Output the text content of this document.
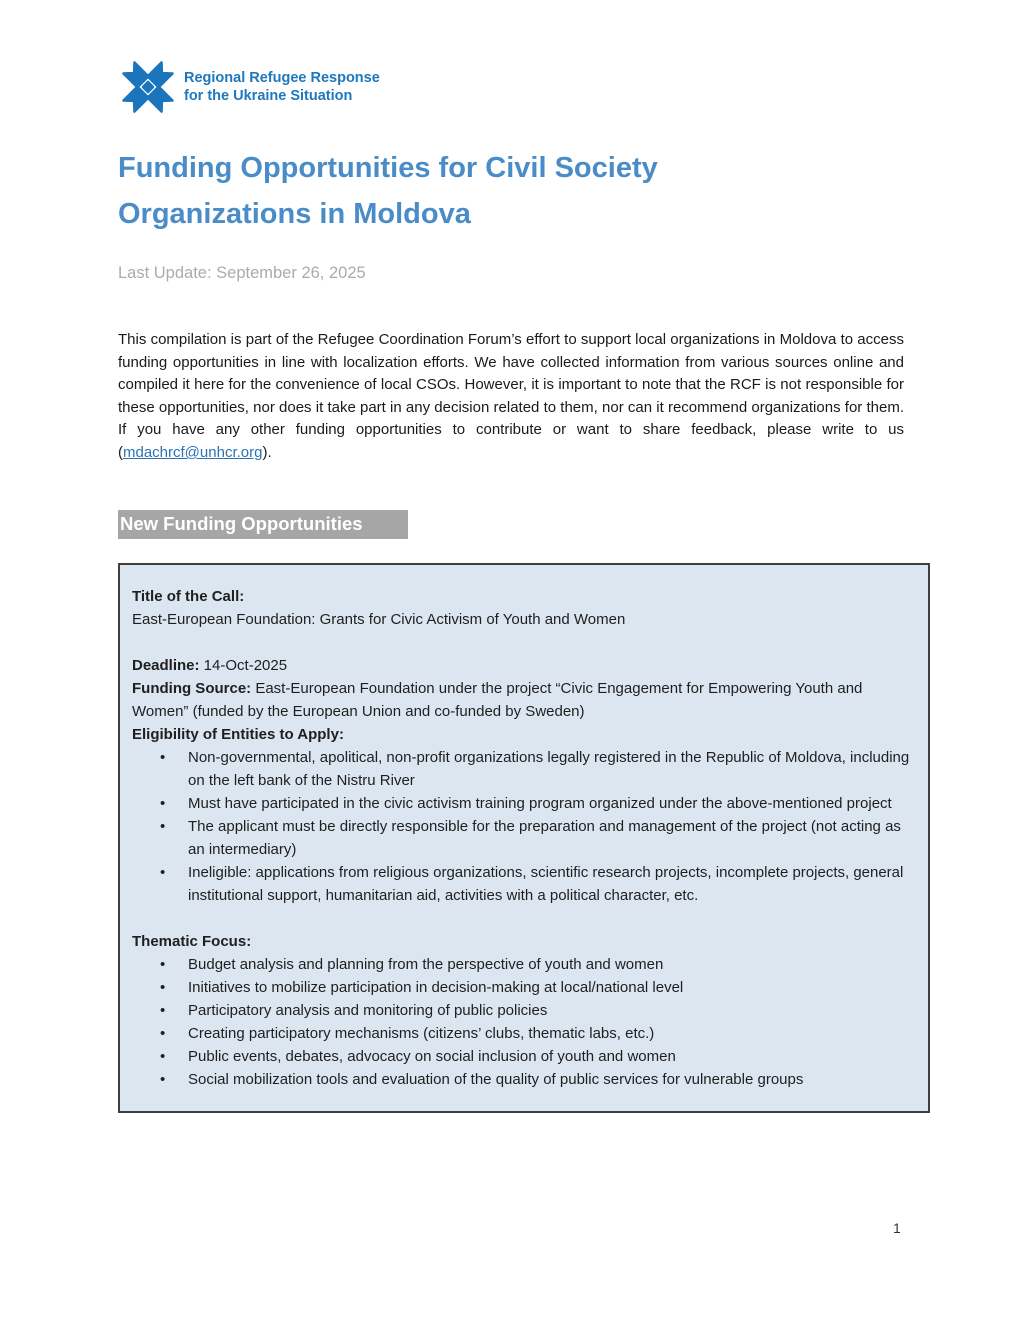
Regional Refugee Response
for the Ukraine Situation
Funding Opportunities for Civil Society Organizations in Moldova

Last Update: September 26, 2025

This compilation is part of the Refugee Coordination Forum’s effort to support local organizations in Moldova to access funding opportunities in line with localization efforts. We have collected information from various sources online and compiled it here for the convenience of local CSOs. However, it is important to note that the RCF is not responsible for these opportunities, nor does it take part in any decision related to them, nor can it recommend organizations for them. If you have any other funding opportunities to contribute or want to share feedback, please write to us (mdachrcf@unhcr.org).

New Funding Opportunities

Title of the Call:

East-European Foundation: Grants for Civic Activism of Youth and Women

Deadline: 14-Oct-2025

Funding Source: East-European Foundation under the project “Civic Engagement for Empowering Youth and Women” (funded by the European Union and co-funded by Sweden)

Eligibility of Entities to Apply:

• Non-governmental, apolitical, non-profit organizations legally registered in the Republic of Moldova, including on the left bank of the Nistru River
• Must have participated in the civic activism training program organized under the above-mentioned project
• The applicant must be directly responsible for the preparation and management of the project (not acting as an intermediary)
• Ineligible: applications from religious organizations, scientific research projects, incomplete projects, general institutional support, humanitarian aid, activities with a political character, etc.

Thematic Focus:

• Budget analysis and planning from the perspective of youth and women
• Initiatives to mobilize participation in decision-making at local/national level
• Participatory analysis and monitoring of public policies
• Creating participatory mechanisms (citizens’ clubs, thematic labs, etc.)
• Public events, debates, advocacy on social inclusion of youth and women
• Social mobilization tools and evaluation of the quality of public services for vulnerable groups
1
